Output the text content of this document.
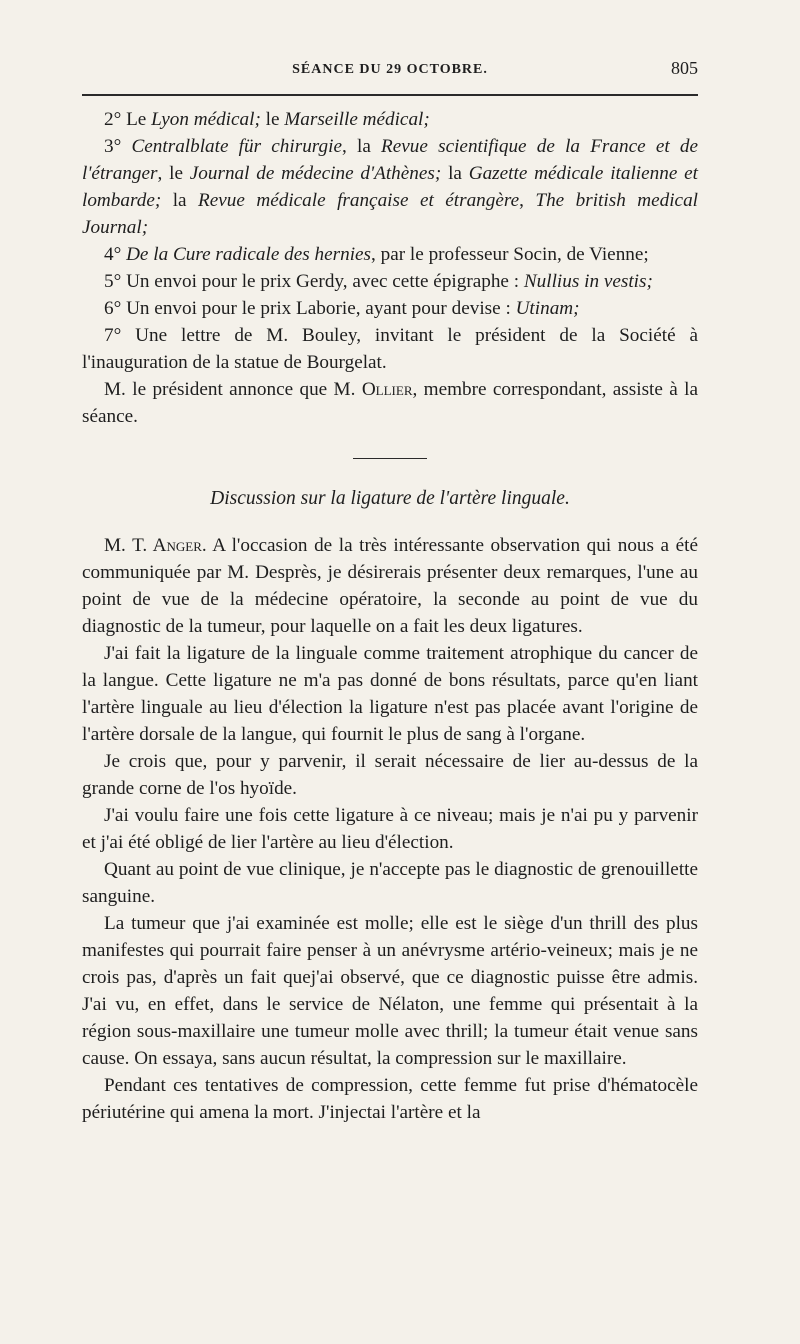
SÉANCE DU 29 OCTOBRE.	805

2° Le Lyon médical; le Marseille médical;

3° Centralblate für chirurgie, la Revue scientifique de la France et de l'étranger, le Journal de médecine d'Athènes; la Gazette médicale italienne et lombarde; la Revue médicale française et étrangère, The british medical Journal;

4° De la Cure radicale des hernies, par le professeur Socin, de Vienne;

5° Un envoi pour le prix Gerdy, avec cette épigraphe : Nullius in vestis;

6° Un envoi pour le prix Laborie, ayant pour devise : Utinam;

7° Une lettre de M. Bouley, invitant le président de la Société à l'inauguration de la statue de Bourgelat.

M. le président annonce que M. Ollier, membre correspondant, assiste à la séance.

Discussion sur la ligature de l'artère linguale.

M. T. Anger. A l'occasion de la très intéressante observation qui nous a été communiquée par M. Desprès, je désirerais présenter deux remarques, l'une au point de vue de la médecine opératoire, la seconde au point de vue du diagnostic de la tumeur, pour laquelle on a fait les deux ligatures.

J'ai fait la ligature de la linguale comme traitement atrophique du cancer de la langue. Cette ligature ne m'a pas donné de bons résultats, parce qu'en liant l'artère linguale au lieu d'élection la ligature n'est pas placée avant l'origine de l'artère dorsale de la langue, qui fournit le plus de sang à l'organe.

Je crois que, pour y parvenir, il serait nécessaire de lier au-dessus de la grande corne de l'os hyoïde.

J'ai voulu faire une fois cette ligature à ce niveau; mais je n'ai pu y parvenir et j'ai été obligé de lier l'artère au lieu d'élection.

Quant au point de vue clinique, je n'accepte pas le diagnostic de grenouillette sanguine.

La tumeur que j'ai examinée est molle; elle est le siège d'un thrill des plus manifestes qui pourrait faire penser à un anévrysme artério-veineux; mais je ne crois pas, d'après un fait quej'ai observé, que ce diagnostic puisse être admis. J'ai vu, en effet, dans le service de Nélaton, une femme qui présentait à la région sous-maxillaire une tumeur molle avec thrill; la tumeur était venue sans cause. On essaya, sans aucun résultat, la compression sur le maxillaire.

Pendant ces tentatives de compression, cette femme fut prise d'hématocèle périutérine qui amena la mort. J'injectai l'artère et la
